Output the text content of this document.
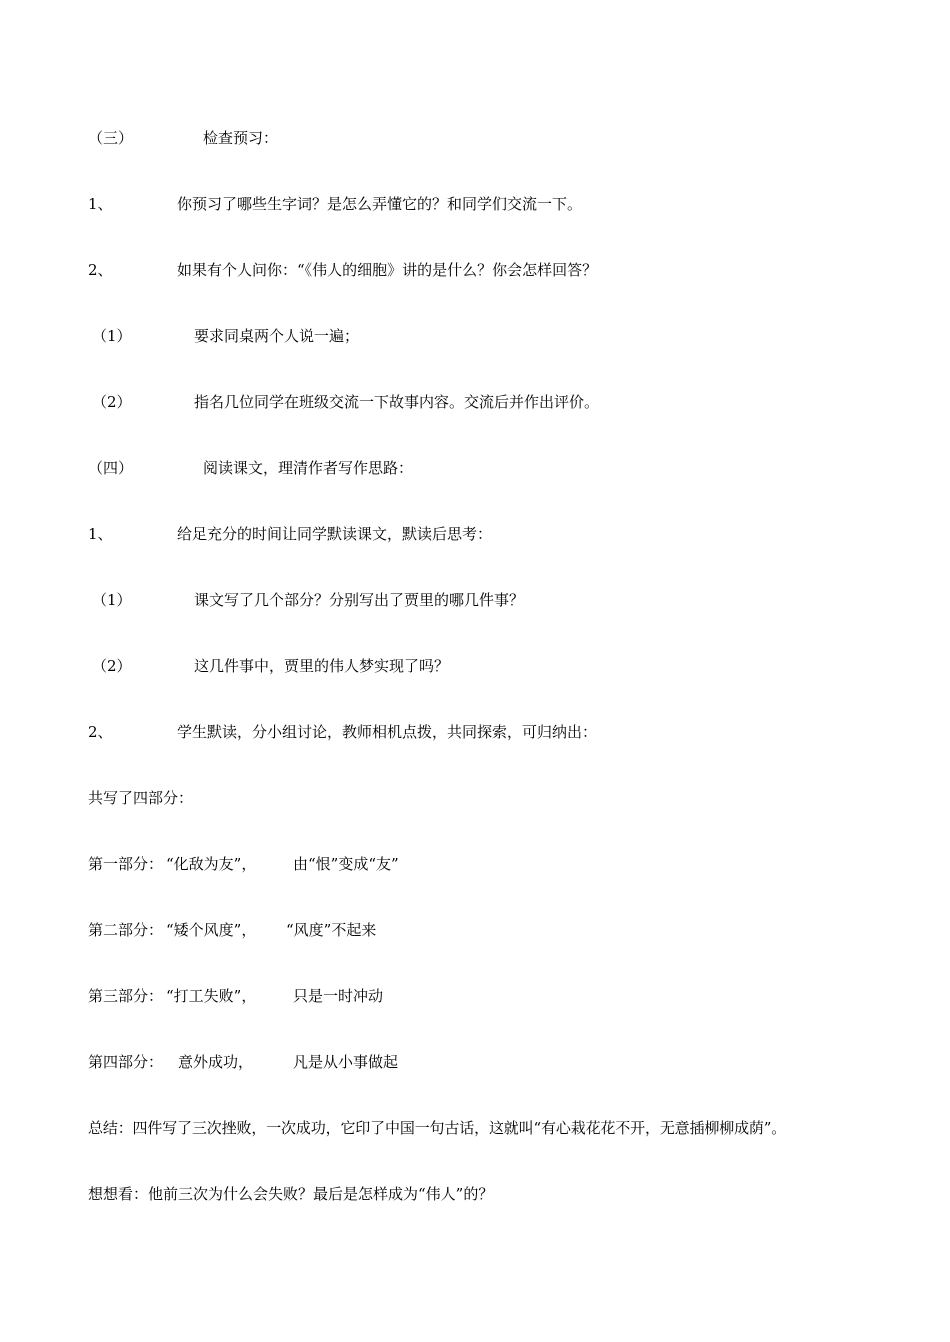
（三）	检查预习：
1、	你预习了哪些生字词？是怎么弄懂它的？和同学们交流一下。
2、	如果有个人问你：“《伟人的细胞》讲的是什么？你会怎样回答？
（1）	要求同桌两个人说一遍；
（2）	指名几位同学在班级交流一下故事内容。交流后并作出评价。
（四）	阅读课文，理清作者写作思路：
1、	给足充分的时间让同学默读课文，默读后思考：
（1）	课文写了几个部分？分别写出了贾里的哪几件事？
（2）	这几件事中，贾里的伟人梦实现了吗？
2、	学生默读，分小组讨论，教师相机点拨，共同探索，可归纳出：
共写了四部分：
第一部分： “化敌为友”， 由“恨”变成“友”
第二部分： “矮个风度”， “风度”不起来
第三部分： “打工失败”， 只是一时冲动
第四部分： 意外成功，	凡是从小事做起
总结：四件写了三次挫败，一次成功，它印了中国一句古话，这就叫“有心栽花花不开，无意插柳柳成荫”。
想想看：他前三次为什么会失败？最后是怎样成为“伟人”的？
